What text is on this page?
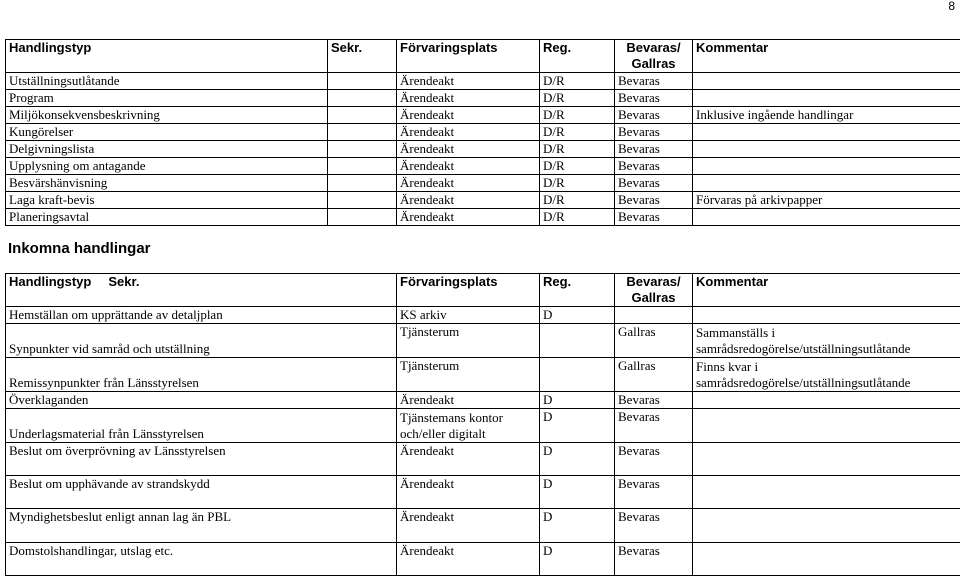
8
Handlingstyp	Sekr.	Förvaringsplats	Reg.	Bevaras/ Gallras	Kommentar
Utställningsutlåtande		Ärendeakt	D/R	Bevaras	
Program		Ärendeakt	D/R	Bevaras	
Miljökonsekvensbeskrivning		Ärendeakt	D/R	Bevaras	Inklusive ingående handlingar
Kungörelser		Ärendeakt	D/R	Bevaras	
Delgivningslista		Ärendeakt	D/R	Bevaras	
Upplysning om antagande		Ärendeakt	D/R	Bevaras	
Besvärshänvisning		Ärendeakt	D/R	Bevaras	
Laga kraft-bevis		Ärendeakt	D/R	Bevaras	Förvaras på arkivpapper
Planeringsavtal		Ärendeakt	D/R	Bevaras	
Inkomna handlingar
Handlingstyp Sekr.	Förvaringsplats	Reg.	Bevaras/ Gallras	Kommentar
Hemställan om upprättande av detaljplan	KS arkiv	D		
Synpunkter vid samråd och utställning	Tjänsterum		Gallras	Sammanställs i samrådsredogörelse/utställningsutlåtande
Remissynpunkter från Länsstyrelsen	Tjänsterum		Gallras	Finns kvar i samrådsredogörelse/utställningsutlåtande
Överklaganden	Ärendeakt	D	Bevaras	
Underlagsmaterial från Länsstyrelsen	Tjänstemans kontor och/eller digitalt	D	Bevaras	
Beslut om överprövning av Länsstyrelsen	Ärendeakt	D	Bevaras	
Beslut om upphävande av strandskydd	Ärendeakt	D	Bevaras	
Myndighetsbeslut enligt annan lag än PBL	Ärendeakt	D	Bevaras	
Domstolshandlingar, utslag etc.	Ärendeakt	D	Bevaras	
